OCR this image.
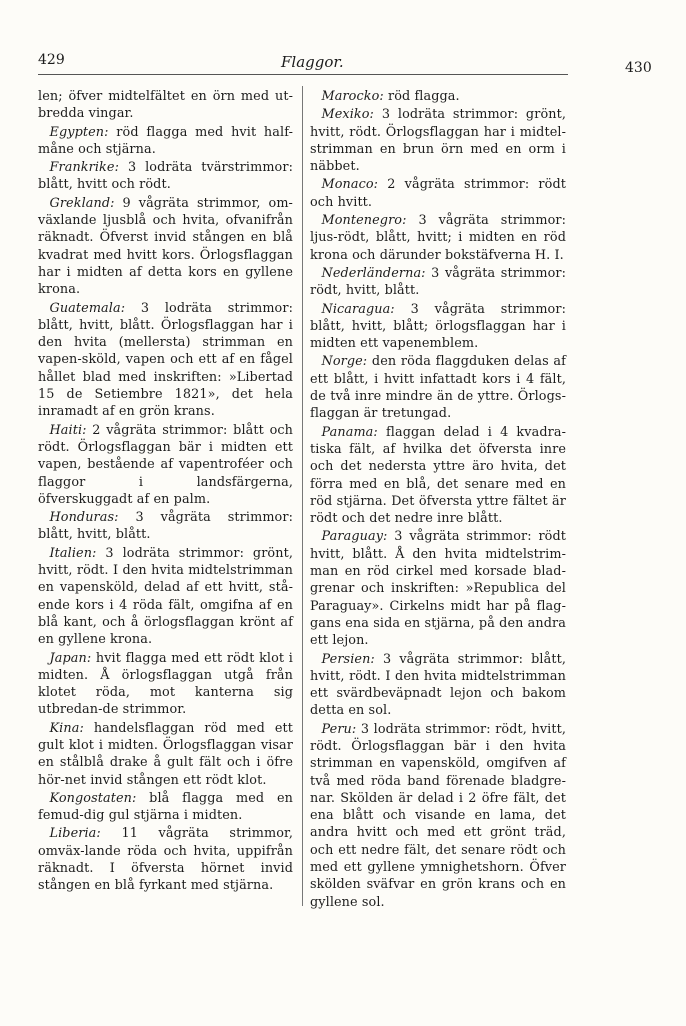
429	Flaggor.	430

len; öfver midtelfältet en örn med ut-bredda vingar.

Egypten: röd flagga med hvit half-måne och stjärna.

Frankrike: 3 lodräta tvärstrimmor: blått, hvitt och rödt.

Grekland: 9 vågräta strimmor, om-växlande ljusblå och hvita, ofvanifrån räknadt. Öfverst invid stången en blå kvadrat med hvitt kors. Örlogsflaggan har i midten af detta kors en gyllene krona.

Guatemala: 3 lodräta strimmor: blått, hvitt, blått. Örlogsflaggan har i den hvita (mellersta) strimman en vapen-sköld, vapen och ett af en fågel hållet blad med inskriften: »Libertad 15 de Setiembre 1821», det hela inramadt af en grön krans.

Haiti: 2 vågräta strimmor: blått och rödt. Örlogsflaggan bär i midten ett vapen, bestående af vapentroféer och flaggor i landsfärgerna, öfverskuggadt af en palm.

Honduras: 3 vågräta strimmor: blått, hvitt, blått.

Italien: 3 lodräta strimmor: grönt, hvitt, rödt. I den hvita midtelstrimman en vapensköld, delad af ett hvitt, stå-ende kors i 4 röda fält, omgifna af en blå kant, och å örlogsflaggan krönt af en gyllene krona.

Japan: hvit flagga med ett rödt klot i midten. Å örlogsflaggan utgå från klotet röda, mot kanterna sig utbredan-de strimmor.

Kina: handelsflaggan röd med ett gult klot i midten. Örlogsflaggan visar en stålblå drake å gult fält och i öfre hör-net invid stången ett rödt klot.

Kongostaten: blå flagga med en femud-dig gul stjärna i midten.

Liberia: 11 vågräta strimmor, omväx-lande röda och hvita, uppifrån räknadt. I öfversta hörnet invid stången en blå fyrkant med stjärna.

Marocko: röd flagga.

Mexiko: 3 lodräta strimmor: grönt, hvitt, rödt. Örlogsflaggan har i midtel-strimman en brun örn med en orm i näbbet.

Monaco: 2 vågräta strimmor: rödt och hvitt.

Montenegro: 3 vågräta strimmor: ljus-rödt, blått, hvitt; i midten en röd krona och därunder bokstäfverna H. I.

Nederländerna: 3 vågräta strimmor: rödt, hvitt, blått.

Nicaragua: 3 vågräta strimmor: blått, hvitt, blått; örlogsflaggan har i midten ett vapenemblem.

Norge: den röda flaggduken delas af ett blått, i hvitt infattadt kors i 4 fält, de två inre mindre än de yttre. Örlogs-flaggan är tretungad.

Panama: flaggan delad i 4 kvadra-tiska fält, af hvilka det öfversta inre och det nedersta yttre äro hvita, det förra med en blå, det senare med en röd stjärna. Det öfversta yttre fältet är rödt och det nedre inre blått.

Paraguay: 3 vågräta strimmor: rödt hvitt, blått. Å den hvita midtelstrim-man en röd cirkel med korsade blad-grenar och inskriften: »Republica del Paraguay». Cirkelns midt har på flag-gans ena sida en stjärna, på den andra ett lejon.

Persien: 3 vågräta strimmor: blått, hvitt, rödt. I den hvita midtelstrimman ett svärdbeväpnadt lejon och bakom detta en sol.

Peru: 3 lodräta strimmor: rödt, hvitt, rödt. Örlogsflaggan bär i den hvita strimman en vapensköld, omgifven af två med röda band förenade bladgre-nar. Skölden är delad i 2 öfre fält, det ena blått och visande en lama, det andra hvitt och med ett grönt träd, och ett nedre fält, det senare rödt och med ett gyllene ymnighetshorn. Öfver skölden sväfvar en grön krans och en gyllene sol.
